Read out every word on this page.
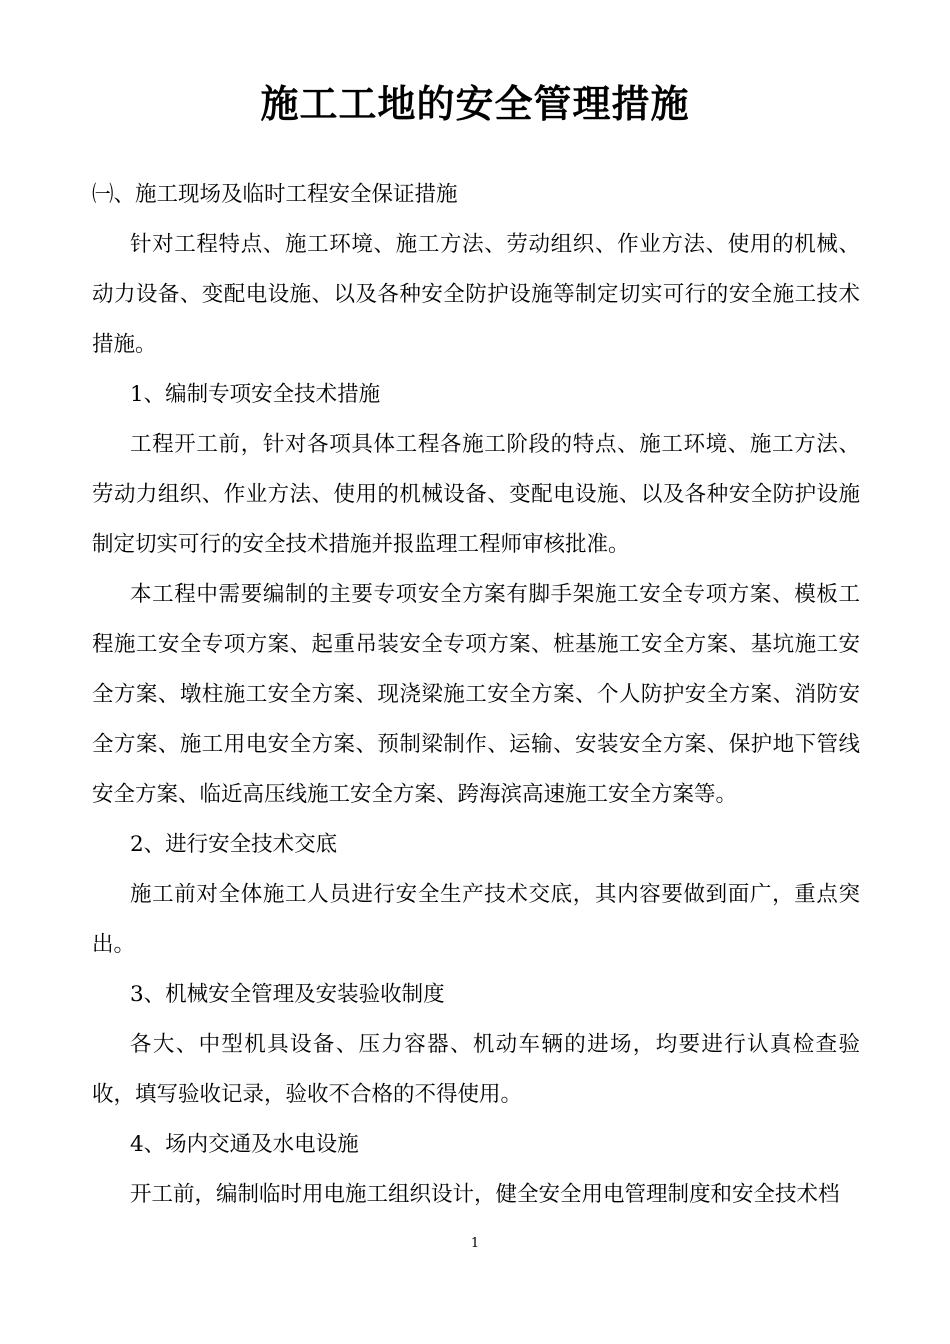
施工工地的安全管理措施
㈠、施工现场及临时工程安全保证措施
针对工程特点、施工环境、施工方法、劳动组织、作业方法、使用的机械、动力设备、变配电设施、以及各种安全防护设施等制定切实可行的安全施工技术措施。
1、编制专项安全技术措施
工程开工前，针对各项具体工程各施工阶段的特点、施工环境、施工方法、劳动力组织、作业方法、使用的机械设备、变配电设施、以及各种安全防护设施制定切实可行的安全技术措施并报监理工程师审核批准。
本工程中需要编制的主要专项安全方案有脚手架施工安全专项方案、模板工程施工安全专项方案、起重吊装安全专项方案、桩基施工安全方案、基坑施工安全方案、墩柱施工安全方案、现浇梁施工安全方案、个人防护安全方案、消防安全方案、施工用电安全方案、预制梁制作、运输、安装安全方案、保护地下管线安全方案、临近高压线施工安全方案、跨海滨高速施工安全方案等。
2、进行安全技术交底
施工前对全体施工人员进行安全生产技术交底，其内容要做到面广，重点突出。
3、机械安全管理及安装验收制度
各大、中型机具设备、压力容器、机动车辆的进场，均要进行认真检查验收，填写验收记录，验收不合格的不得使用。
4、场内交通及水电设施
开工前，编制临时用电施工组织设计，健全安全用电管理制度和安全技术档
1
